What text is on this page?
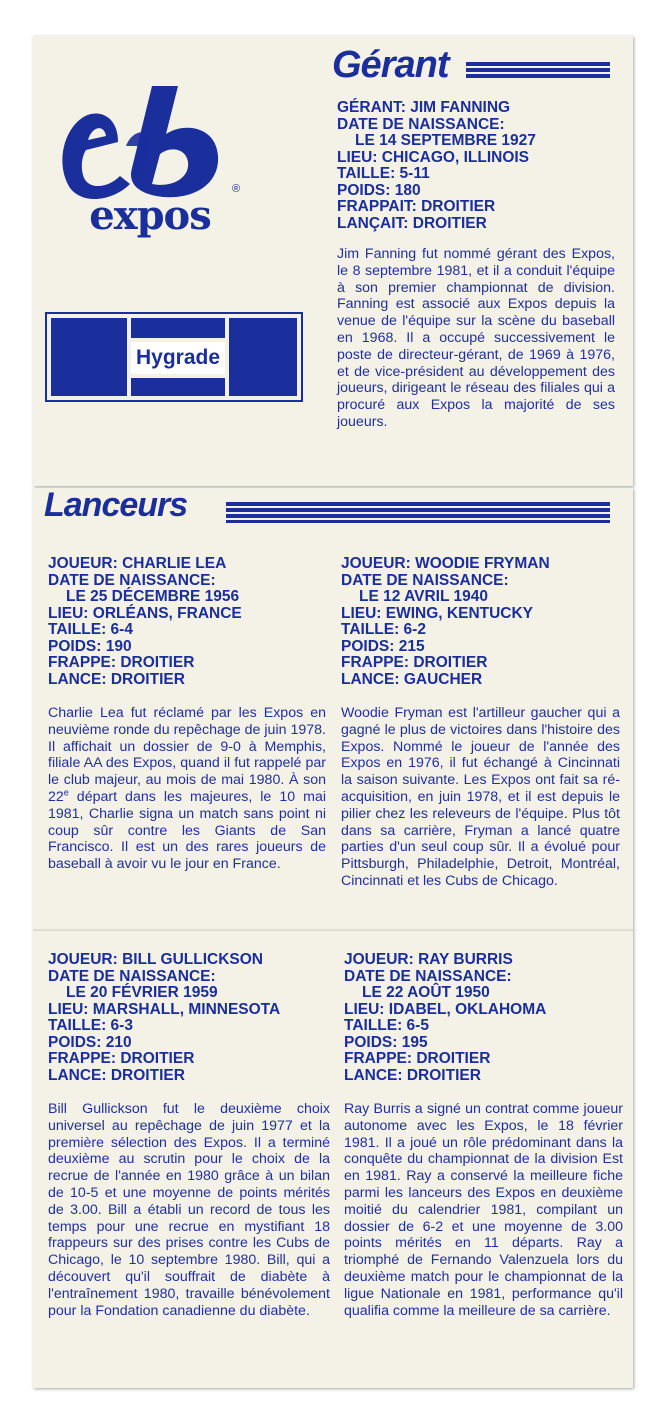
expos
®
Hygrade
Gérant
GÉRANT: JIM FANNING
DATE DE NAISSANCE:
LE 14 SEPTEMBRE 1927
LIEU: CHICAGO, ILLINOIS
TAILLE: 5-11
POIDS: 180
FRAPPAIT: DROITIER
LANÇAIT: DROITIER
Jim Fanning fut nommé gérant des Expos, le 8 septembre 1981, et il a conduit l'équipe à son premier championnat de division. Fanning est associé aux Expos depuis la venue de l'équipe sur la scène du baseball en 1968. Il a occupé successivement le poste de directeur-gérant, de 1969 à 1976, et de vice-président au développement des joueurs, dirigeant le réseau des filiales qui a procuré aux Expos la majorité de ses joueurs.
Lanceurs
JOUEUR: CHARLIE LEA
DATE DE NAISSANCE:
LE 25 DÉCEMBRE 1956
LIEU: ORLÉANS, FRANCE
TAILLE: 6-4
POIDS: 190
FRAPPE: DROITIER
LANCE: DROITIER
Charlie Lea fut réclamé par les Expos en neuvième ronde du repêchage de juin 1978. Il affichait un dossier de 9-0 à Memphis, filiale AA des Expos, quand il fut rappelé par le club majeur, au mois de mai 1980. À son 22e départ dans les majeures, le 10 mai 1981, Charlie signa un match sans point ni coup sûr contre les Giants de San Francisco. Il est un des rares joueurs de baseball à avoir vu le jour en France.
JOUEUR: WOODIE FRYMAN
DATE DE NAISSANCE:
LE 12 AVRIL 1940
LIEU: EWING, KENTUCKY
TAILLE: 6-2
POIDS: 215
FRAPPE: DROITIER
LANCE: GAUCHER
Woodie Fryman est l'artilleur gaucher qui a gagné le plus de victoires dans l'histoire des Expos. Nommé le joueur de l'année des Expos en 1976, il fut échangé à Cincinnati la saison suivante. Les Expos ont fait sa ré-acquisition, en juin 1978, et il est depuis le pilier chez les releveurs de l'équipe. Plus tôt dans sa carrière, Fryman a lancé quatre parties d'un seul coup sûr. Il a évolué pour Pittsburgh, Philadelphie, Detroit, Montréal, Cincinnati et les Cubs de Chicago.
JOUEUR: BILL GULLICKSON
DATE DE NAISSANCE:
LE 20 FÉVRIER 1959
LIEU: MARSHALL, MINNESOTA
TAILLE: 6-3
POIDS: 210
FRAPPE: DROITIER
LANCE: DROITIER
Bill Gullickson fut le deuxième choix universel au repêchage de juin 1977 et la première sélection des Expos. Il a terminé deuxième au scrutin pour le choix de la recrue de l'année en 1980 grâce à un bilan de 10-5 et une moyenne de points mérités de 3.00. Bill a établi un record de tous les temps pour une recrue en mystifiant 18 frappeurs sur des prises contre les Cubs de Chicago, le 10 septembre 1980. Bill, qui a découvert qu'il souffrait de diabète à l'entraînement 1980, travaille bénévolement pour la Fondation canadienne du diabète.
JOUEUR: RAY BURRIS
DATE DE NAISSANCE:
LE 22 AOÛT 1950
LIEU: IDABEL, OKLAHOMA
TAILLE: 6-5
POIDS: 195
FRAPPE: DROITIER
LANCE: DROITIER
Ray Burris a signé un contrat comme joueur autonome avec les Expos, le 18 février 1981. Il a joué un rôle prédominant dans la conquête du championnat de la division Est en 1981. Ray a conservé la meilleure fiche parmi les lanceurs des Expos en deuxième moitié du calendrier 1981, compilant un dossier de 6-2 et une moyenne de 3.00 points mérités en 11 départs. Ray a triomphé de Fernando Valenzuela lors du deuxième match pour le championnat de la ligue Nationale en 1981, performance qu'il qualifia comme la meilleure de sa carrière.
